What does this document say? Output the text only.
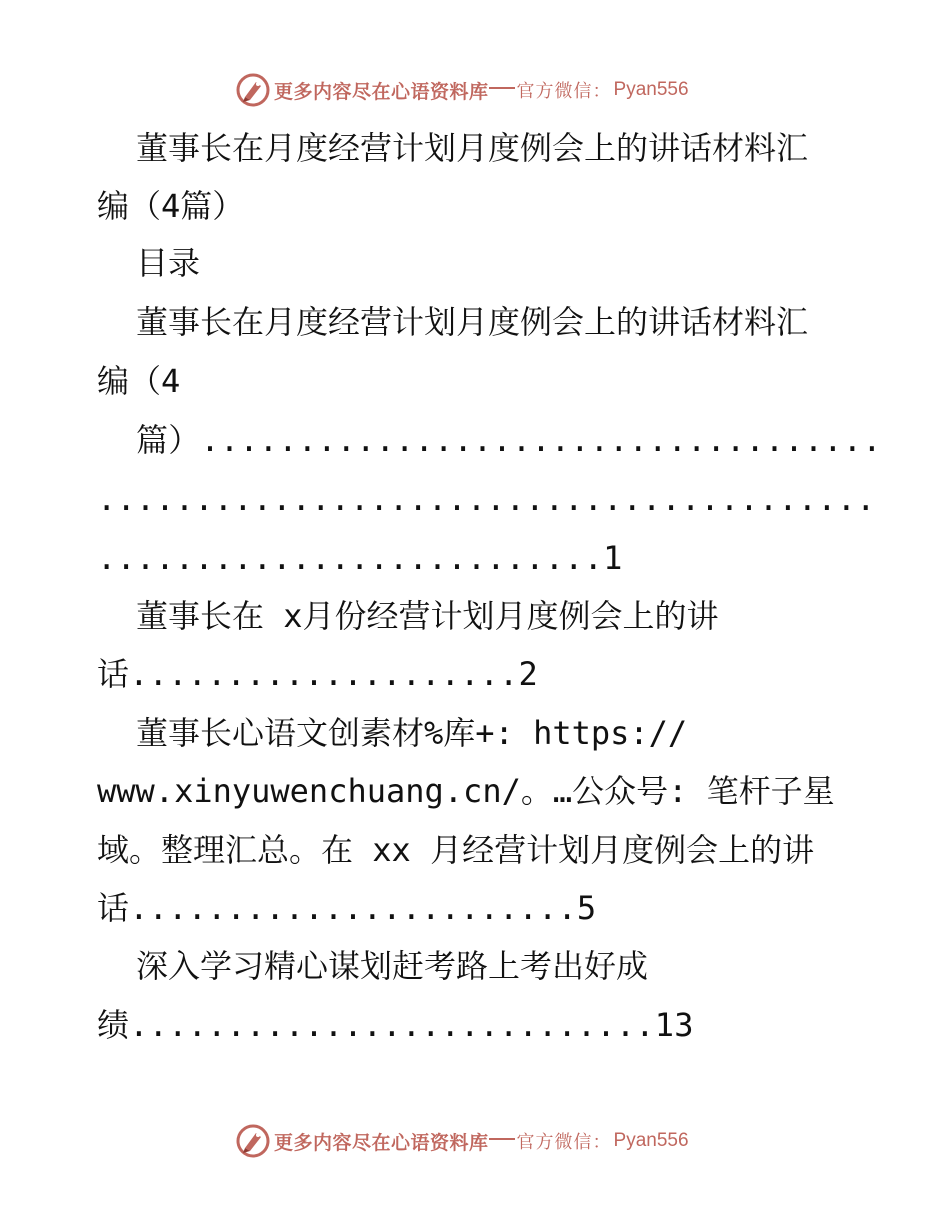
更多内容尽在心语资料库 官方微信： Pyan556
董事长在月度经营计划月度例会上的讲话材料汇
编（4篇）
目录
董事长在月度经营计划月度例会上的讲话材料汇
编（4
篇）...................................
........................................
..........................1
董事长在 x月份经营计划月度例会上的讲
话....................2
董事长心语文创素材%库+: https://
www.xinyuwenchuang.cn/。…公众号: 笔杆子星
域。整理汇总。在 xx 月经营计划月度例会上的讲
话.......................5
深入学习精心谋划赶考路上考出好成
绩...........................13
更多内容尽在心语资料库 官方微信： Pyan556
